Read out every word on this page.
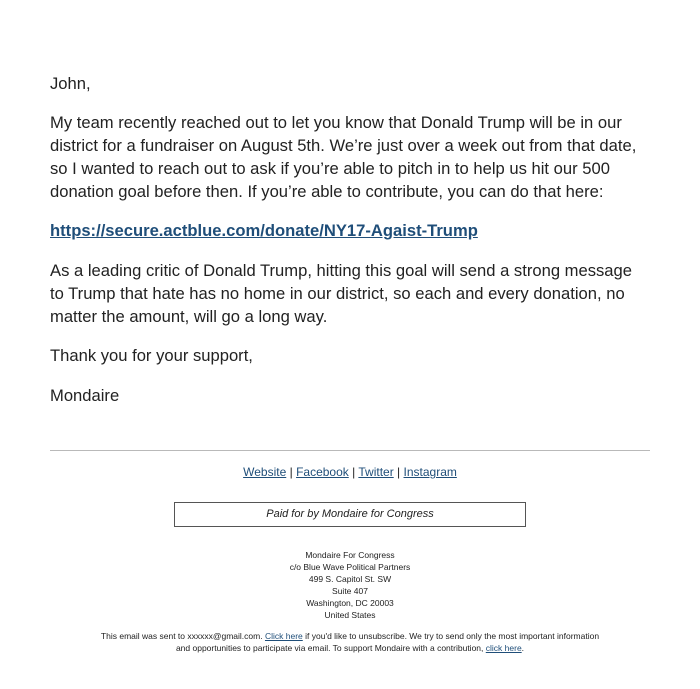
John,

My team recently reached out to let you know that Donald Trump will be in our district for a fundraiser on August 5th. We’re just over a week out from that date, so I wanted to reach out to ask if you’re able to pitch in to help us hit our 500 donation goal before then. If you’re able to contribute, you can do that here:

https://secure.actblue.com/donate/NY17-Agaist-Trump

As a leading critic of Donald Trump, hitting this goal will send a strong message to Trump that hate has no home in our district, so each and every donation, no matter the amount, will go a long way.

Thank you for your support,

Mondaire

Website | Facebook | Twitter | Instagram
Paid for by Mondaire for Congress
Mondaire For Congress
c/o Blue Wave Political Partners
499 S. Capitol St. SW
Suite 407
Washington, DC 20003
United States
This email was sent to xxxxxx@gmail.com. Click here if you'd like to unsubscribe. We try to send only the most important information
and opportunities to participate via email. To support Mondaire with a contribution, click here.
